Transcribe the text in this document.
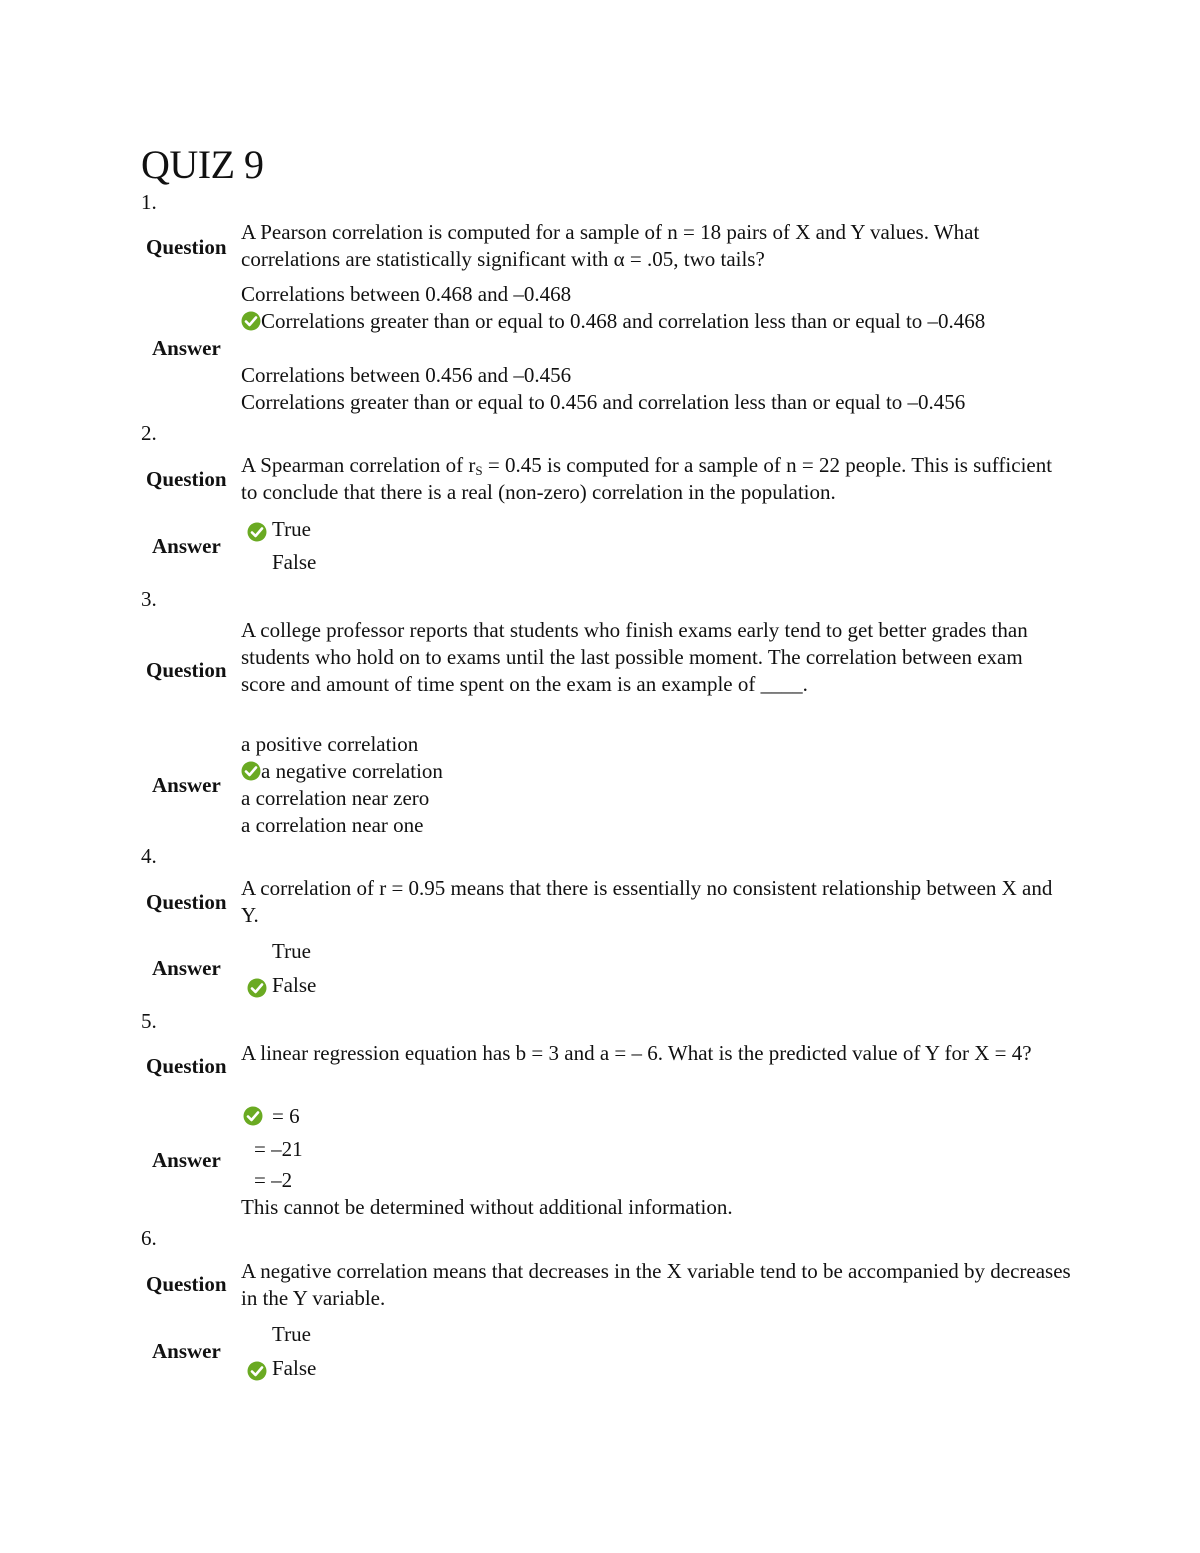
QUIZ 9
1.
Question
A Pearson correlation is computed for a sample of n = 18 pairs of X and Y values. What correlations are statistically significant with α = .05, two tails?
Answer
Correlations between 0.468 and –0.468
Correlations greater than or equal to 0.468 and correlation less than or equal to –0.468
Correlations between 0.456 and –0.456
Correlations greater than or equal to 0.456 and correlation less than or equal to –0.456
2.
Question
A Spearman correlation of $r_S = 0.45$ is computed for a sample of n = 22 people. This is sufficient to conclude that there is a real (non-zero) correlation in the population.
Answer
True
False
3.
Question
A college professor reports that students who finish exams early tend to get better grades than students who hold on to exams until the last possible moment. The correlation between exam score and amount of time spent on the exam is an example of ____.
Answer
a positive correlation
a negative correlation
a correlation near zero
a correlation near one
4.
Question
A correlation of r = 0.95 means that there is essentially no consistent relationship between X and Y.
Answer
True
False
5.
Question
A linear regression equation has b = 3 and a = – 6. What is the predicted value of Y for X = 4?
Answer
= 6
= –21
= –2
This cannot be determined without additional information.
6.
Question
A negative correlation means that decreases in the X variable tend to be accompanied by decreases in the Y variable.
Answer
True
False
